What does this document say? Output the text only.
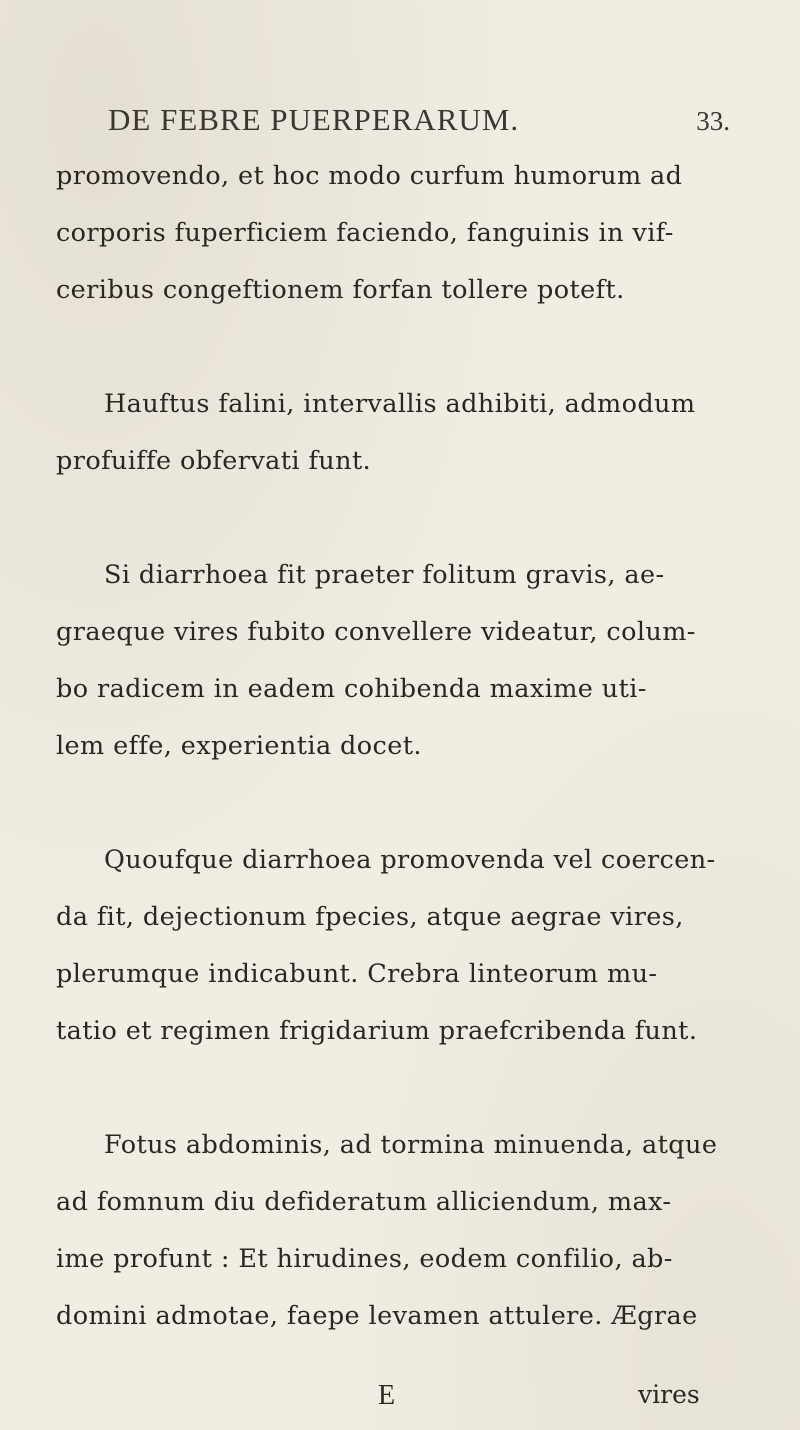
DE FEBRE PUERPERARUM.	33.
promovendo, et hoc modo curfum humorum ad
corporis fuperficiem faciendo, fanguinis in vif-
ceribus congeftionem forfan tollere poteft.
Hauftus falini, intervallis adhibiti, admodum
profuiffe obfervati funt.
Si diarrhoea fit praeter folitum gravis, ae-
graeque vires fubito convellere videatur, colum-
bo radicem in eadem cohibenda maxime uti-
lem effe, experientia docet.
Quoufque diarrhoea promovenda vel coercen-
da fit, dejectionum fpecies, atque aegrae vires,
plerumque indicabunt. Crebra linteorum mu-
tatio et regimen frigidarium praefcribenda funt.
Fotus abdominis, ad tormina minuenda, atque
ad fomnum diu defideratum alliciendum, max-
ime profunt : Et hirudines, eodem confilio, ab-
domini admotae, faepe levamen attulere. Ægrae
E	vires
